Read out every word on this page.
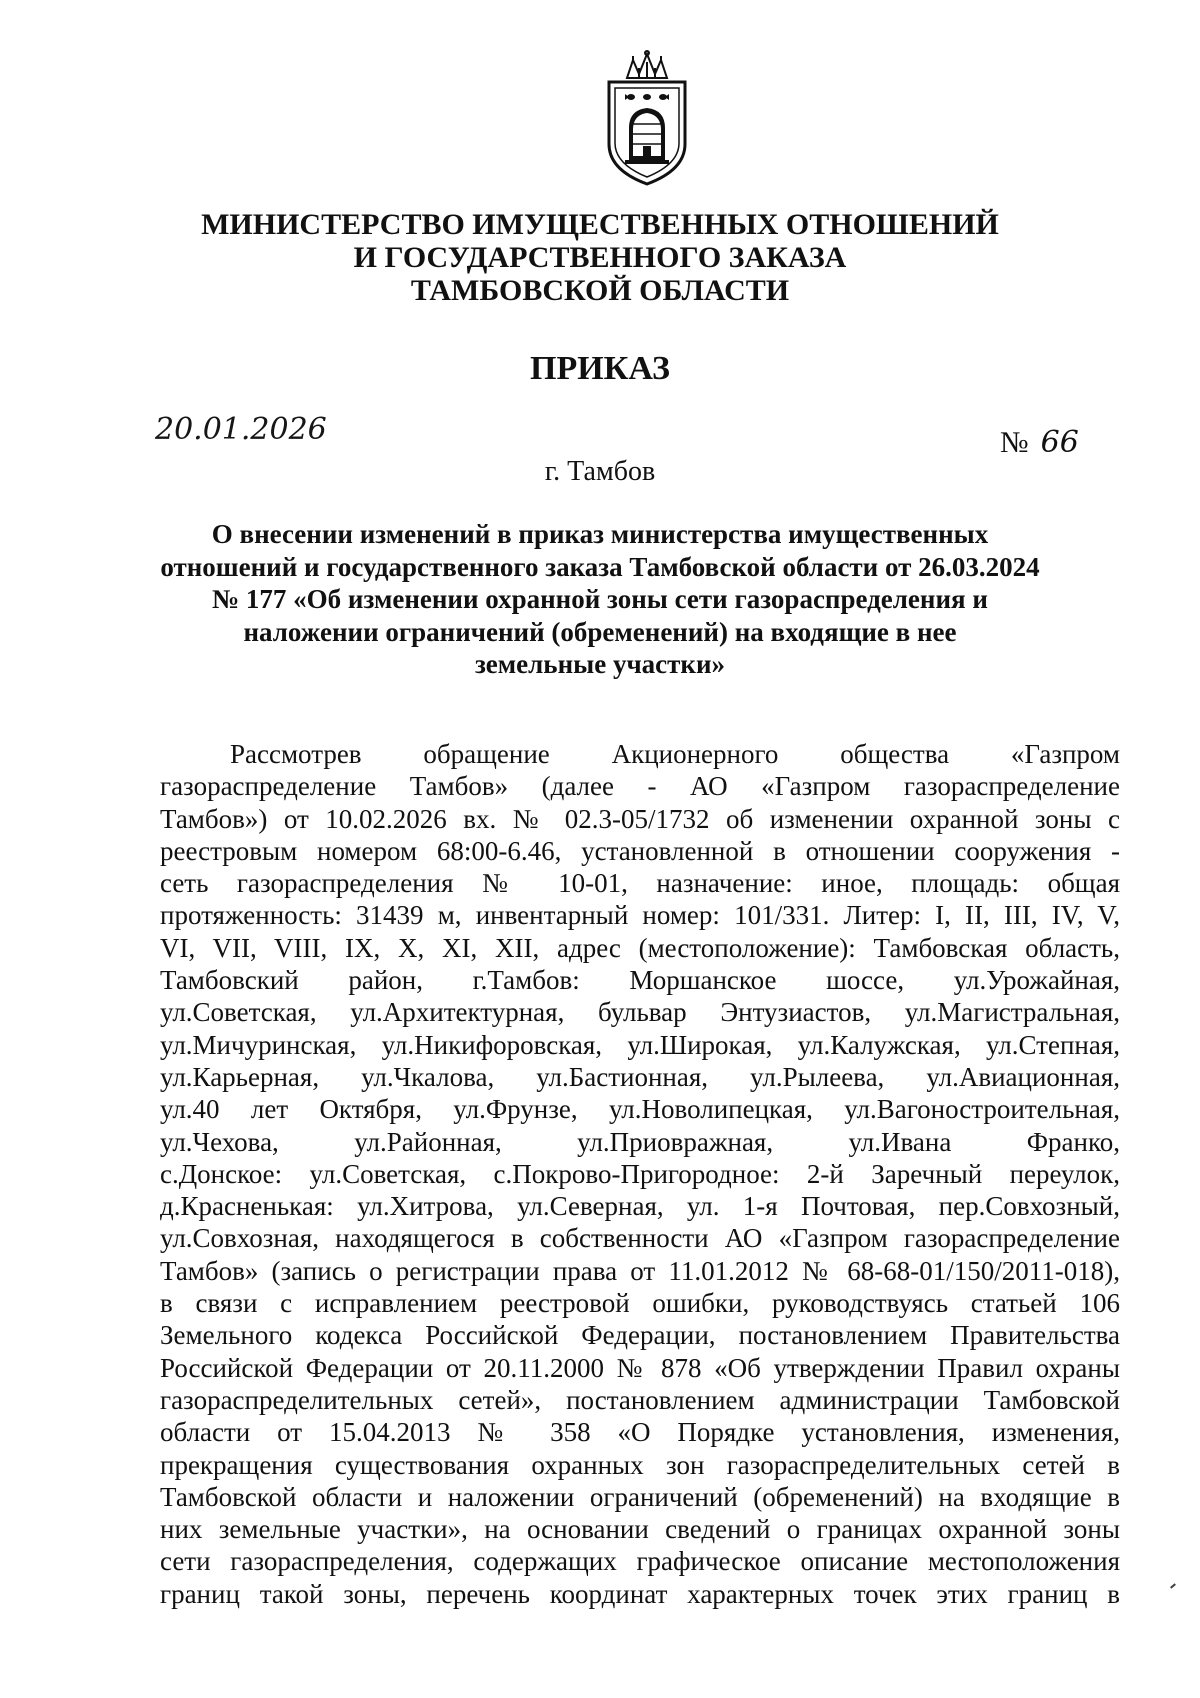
МИНИСТЕРСТВО ИМУЩЕСТВЕННЫХ ОТНОШЕНИЙ
И ГОСУДАРСТВЕННОГО ЗАКАЗА
ТАМБОВСКОЙ ОБЛАСТИ
ПРИКАЗ
20.01.2026	№ 66
г. Тамбов
О внесении изменений в приказ министерства имущественных
отношений и государственного заказа Тамбовской области от 26.03.2024
№ 177 «Об изменении охранной зоны сети газораспределения и
наложении ограничений (обременений) на входящие в нее
земельные участки»
Рассмотрев обращение Акционерного общества «Газпром
газораспределение Тамбов» (далее - АО «Газпром газораспределение
Тамбов») от 10.02.2026 вх. № 02.3-05/1732 об изменении охранной зоны с
реестровым номером 68:00-6.46, установленной в отношении сооружения -
сеть газораспределения № 10-01, назначение: иное, площадь: общая
протяженность: 31439 м, инвентарный номер: 101/331. Литер: I, II, III, IV, V,
VI, VII, VIII, IX, X, XI, XII, адрес (местоположение): Тамбовская область,
Тамбовский район, г.Тамбов: Моршанское шоссе, ул.Урожайная,
ул.Советская, ул.Архитектурная, бульвар Энтузиастов, ул.Магистральная,
ул.Мичуринская, ул.Никифоровская, ул.Широкая, ул.Калужская, ул.Степная,
ул.Карьерная, ул.Чкалова, ул.Бастионная, ул.Рылеева, ул.Авиационная,
ул.40 лет Октября, ул.Фрунзе, ул.Новолипецкая, ул.Вагоностроительная,
ул.Чехова, ул.Районная, ул.Приовражная, ул.Ивана Франко,
с.Донское: ул.Советская, с.Покрово-Пригородное: 2-й Заречный переулок,
д.Красненькая: ул.Хитрова, ул.Северная, ул. 1-я Почтовая, пер.Совхозный,
ул.Совхозная, находящегося в собственности АО «Газпром газораспределение
Тамбов» (запись о регистрации права от 11.01.2012 № 68-68-01/150/2011-018),
в связи с исправлением реестровой ошибки, руководствуясь статьей 106
Земельного кодекса Российской Федерации, постановлением Правительства
Российской Федерации от 20.11.2000 № 878 «Об утверждении Правил охраны
газораспределительных сетей», постановлением администрации Тамбовской
области от 15.04.2013 № 358 «О Порядке установления, изменения,
прекращения существования охранных зон газораспределительных сетей в
Тамбовской области и наложении ограничений (обременений) на входящие в
них земельные участки», на основании сведений о границах охранной зоны
сети газораспределения, содержащих графическое описание местоположения
границ такой зоны, перечень координат характерных точек этих границ в
